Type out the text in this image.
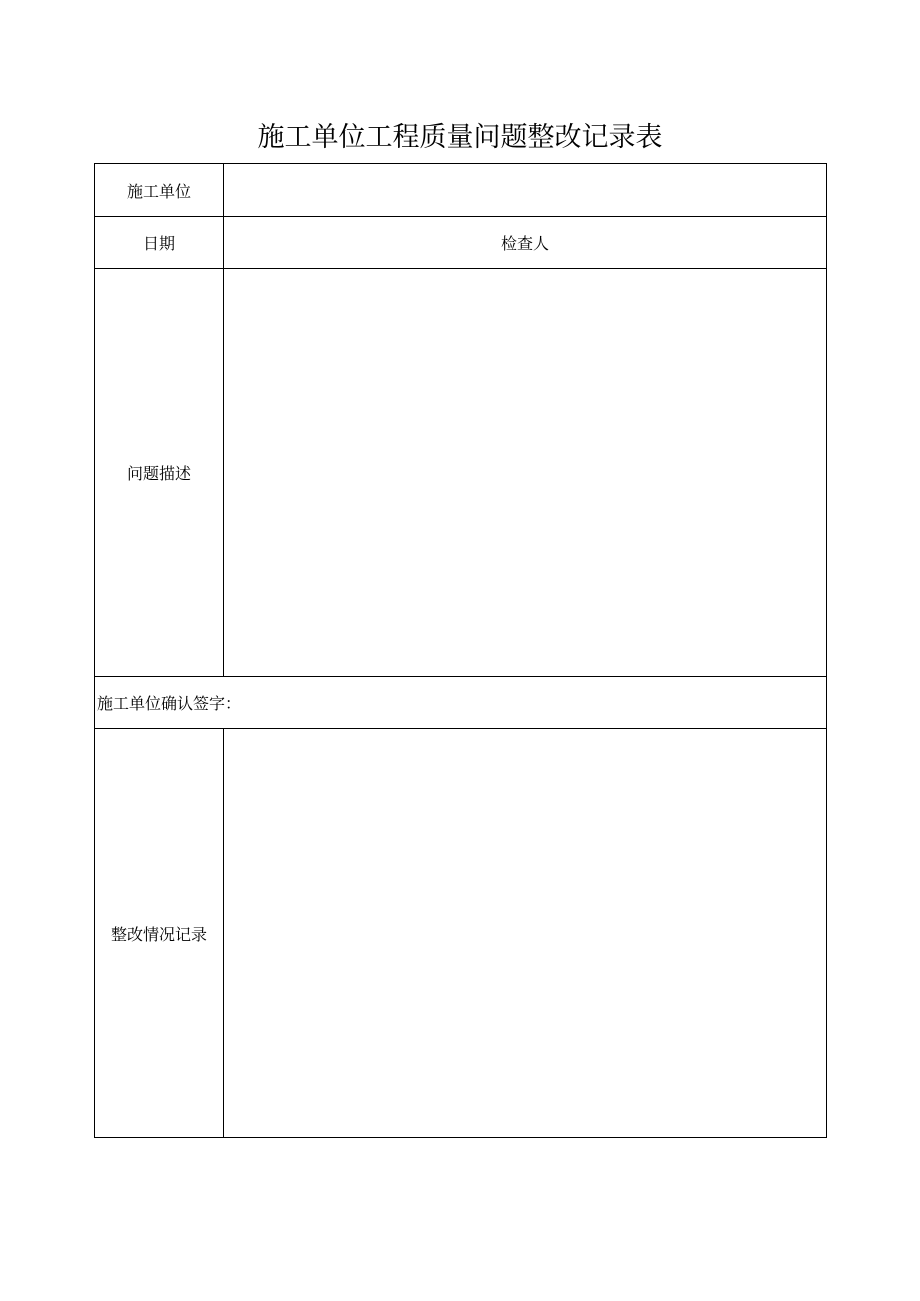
施工单位工程质量问题整改记录表
施工单位	
日期	检查人
问题描述	
施工单位确认签字：	
整改情况记录	
